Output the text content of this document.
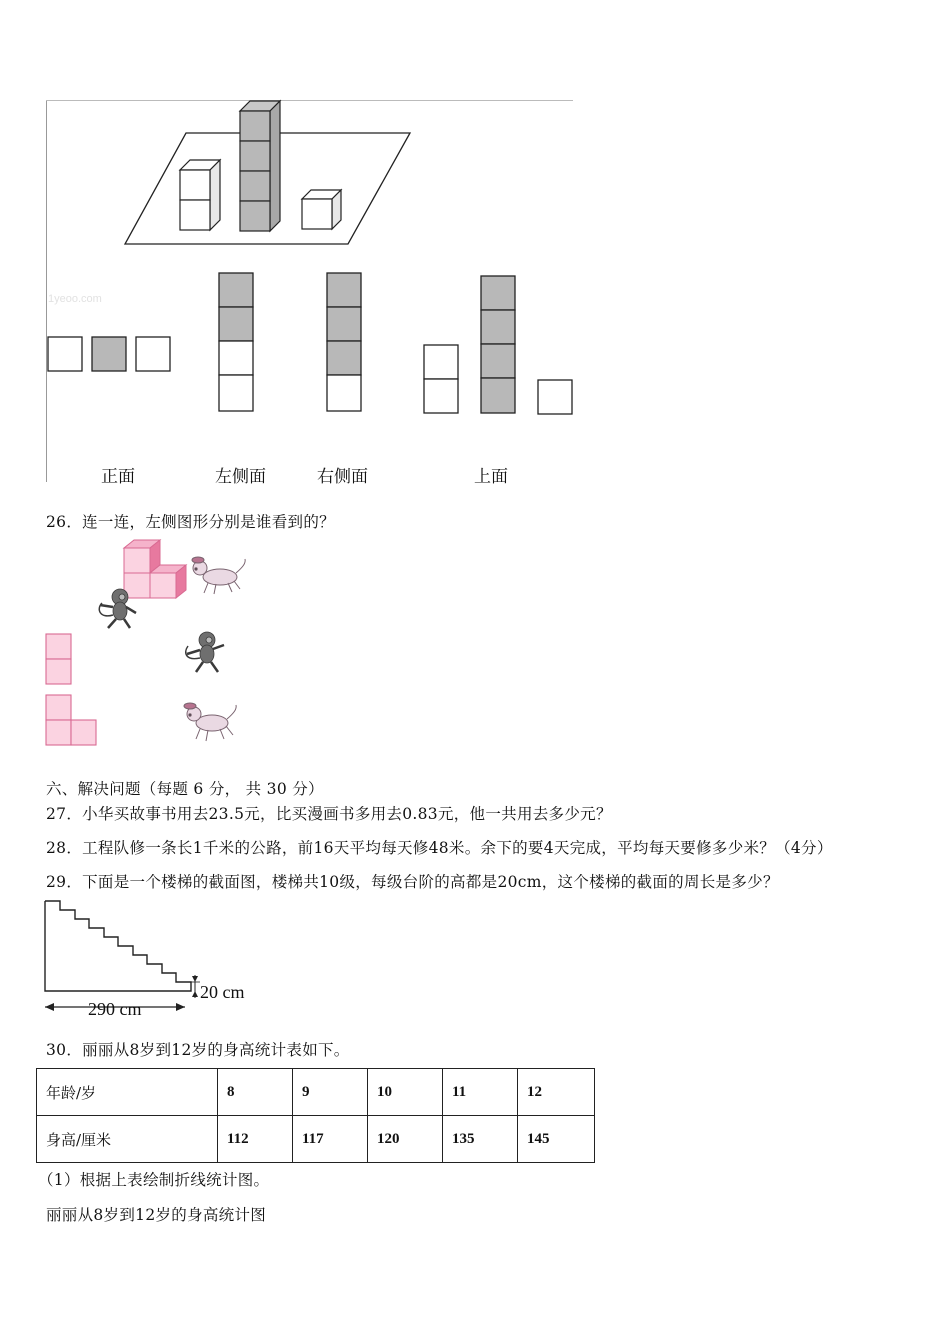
1yeoo.com
正面	左侧面	右侧面	上面
26．连一连，左侧图形分别是谁看到的？
六、解决问题（每题 6 分， 共 30 分）
27．小华买故事书用去23.5元，比买漫画书多用去0.83元，他一共用去多少元？
28．工程队修一条长1千米的公路，前16天平均每天修48米。余下的要4天完成，平均每天要修多少米？（4分）
29．下面是一个楼梯的截面图，楼梯共10级，每级台阶的高都是20cm，这个楼梯的截面的周长是多少？
290 cm
20 cm
30．丽丽从8岁到12岁的身高统计表如下。
年龄/岁	8	9	10	11	12
身高/厘米	112	117	120	135	145
（1）根据上表绘制折线统计图。
丽丽从8岁到12岁的身高统计图
